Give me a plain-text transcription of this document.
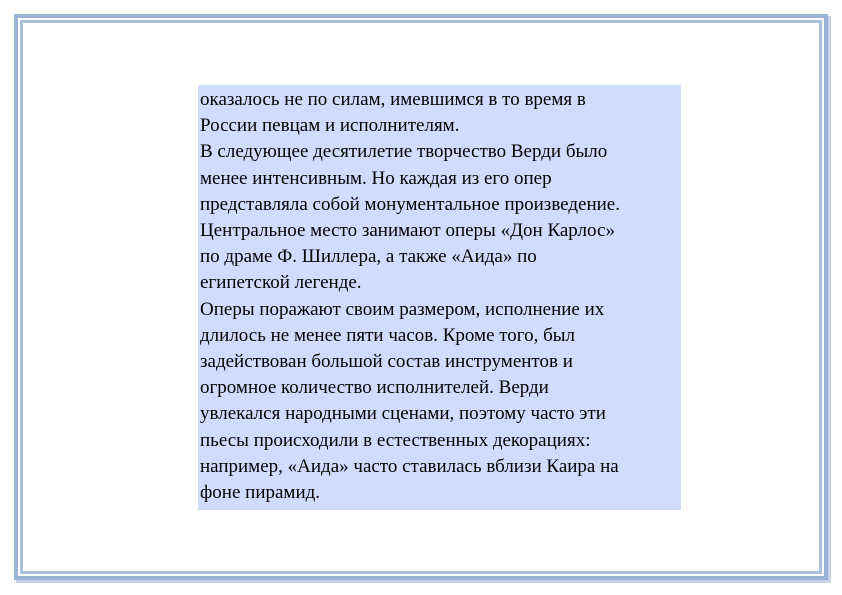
оказалось не по силам, имевшимся в то время в
России певцам и исполнителям.
В следующее десятилетие творчество Верди было
менее интенсивным. Но каждая из его опер
представляла собой монументальное произведение.
Центральное место занимают оперы «Дон Карлос»
по драме Ф. Шиллера, а также «Аида» по
египетской легенде.
Оперы поражают своим размером, исполнение их
длилось не менее пяти часов. Кроме того, был
задействован большой состав инструментов и
огромное количество исполнителей. Верди
увлекался народными сценами, поэтому часто эти
пьесы происходили в естественных декорациях:
например, «Аида» часто ставилась вблизи Каира на
фоне пирамид.
